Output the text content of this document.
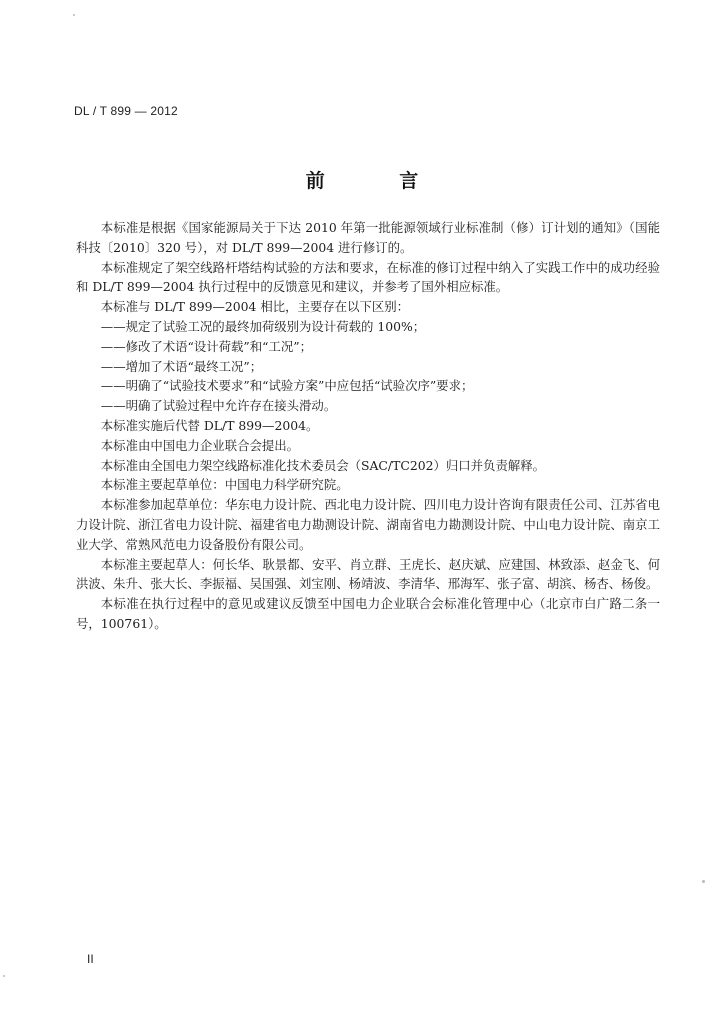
DL / T 899 — 2012
前 言

本标准是根据《国家能源局关于下达 2010 年第一批能源领域行业标准制（修）订计划的通知》（国能科技〔2010〕320 号），对 DL/T 899—2004 进行修订的。

本标准规定了架空线路杆塔结构试验的方法和要求，在标准的修订过程中纳入了实践工作中的成功经验和 DL/T 899—2004 执行过程中的反馈意见和建议，并参考了国外相应标准。

本标准与 DL/T 899—2004 相比，主要存在以下区别：

——规定了试验工况的最终加荷级别为设计荷载的 100%；

——修改了术语“设计荷载”和“工况”；

——增加了术语“最终工况”；

——明确了“试验技术要求”和“试验方案”中应包括“试验次序”要求；

——明确了试验过程中允许存在接头滑动。

本标准实施后代替 DL/T 899—2004。

本标准由中国电力企业联合会提出。

本标准由全国电力架空线路标准化技术委员会（SAC/TC202）归口并负责解释。

本标准主要起草单位：中国电力科学研究院。

本标准参加起草单位：华东电力设计院、西北电力设计院、四川电力设计咨询有限责任公司、江苏省电力设计院、浙江省电力设计院、福建省电力勘测设计院、湖南省电力勘测设计院、中山电力设计院、南京工业大学、常熟风范电力设备股份有限公司。

本标准主要起草人：何长华、耿景都、安平、肖立群、王虎长、赵庆斌、应建国、林致添、赵金飞、何洪波、朱升、张大长、李振福、吴国强、刘宝刚、杨靖波、李清华、邢海军、张子富、胡滨、杨杏、杨俊。

本标准在执行过程中的意见或建议反馈至中国电力企业联合会标准化管理中心（北京市白广路二条一号，100761）。

II
